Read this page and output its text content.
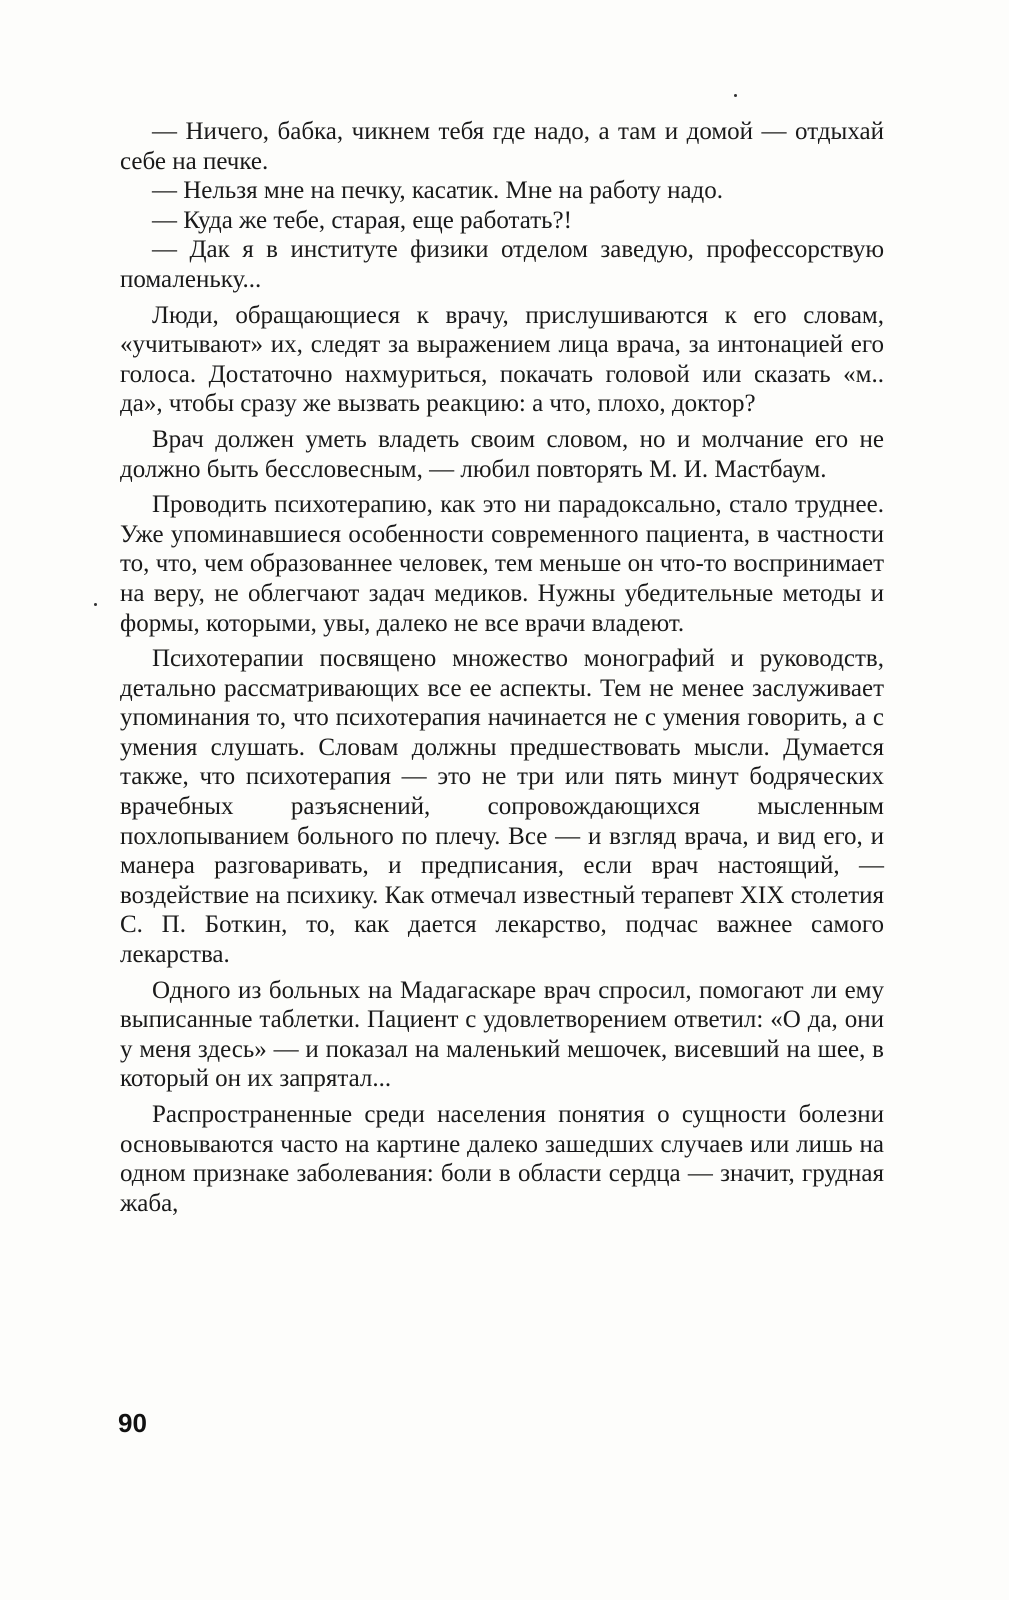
— Ничего, бабка, чикнем тебя где надо, а там и домой — отдыхай себе на печке.

— Нельзя мне на печку, касатик. Мне на работу надо.

— Куда же тебе, старая, еще работать?!

— Дак я в институте физики отделом заведую, профессорствую помаленьку...

Люди, обращающиеся к врачу, прислушиваются к его словам, «учитывают» их, следят за выражением лица врача, за интонацией его голоса. Достаточно нахмуриться, покачать головой или сказать «м.. да», чтобы сразу же вызвать реакцию: а что, плохо, доктор?

Врач должен уметь владеть своим словом, но и молчание его не должно быть бессловесным, — любил повторять М. И. Мастбаум.

Проводить психотерапию, как это ни парадоксально, стало труднее. Уже упоминавшиеся особенности современного пациента, в частности то, что, чем образованнее человек, тем меньше он что-то воспринимает на веру, не облегчают задач медиков. Нужны убедительные методы и формы, которыми, увы, далеко не все врачи владеют.

Психотерапии посвящено множество монографий и руководств, детально рассматривающих все ее аспекты. Тем не менее заслуживает упоминания то, что психотерапия начинается не с умения говорить, а с умения слушать. Словам должны предшествовать мысли. Думается также, что психотерапия — это не три или пять минут бодряческих врачебных разъяснений, сопровождающихся мысленным похлопыванием больного по плечу. Все — и взгляд врача, и вид его, и манера разговаривать, и предписания, если врач настоящий, — воздействие на психику. Как отмечал известный терапевт XIX столетия С. П. Боткин, то, как дается лекарство, подчас важнее самого лекарства.

Одного из больных на Мадагаскаре врач спросил, помогают ли ему выписанные таблетки. Пациент с удовлетворением ответил: «О да, они у меня здесь» — и показал на маленький мешочек, висевший на шее, в который он их запрятал...

Распространенные среди населения понятия о сущности болезни основываются часто на картине далеко зашедших случаев или лишь на одном признаке заболевания: боли в области сердца — значит, грудная жаба,

90
